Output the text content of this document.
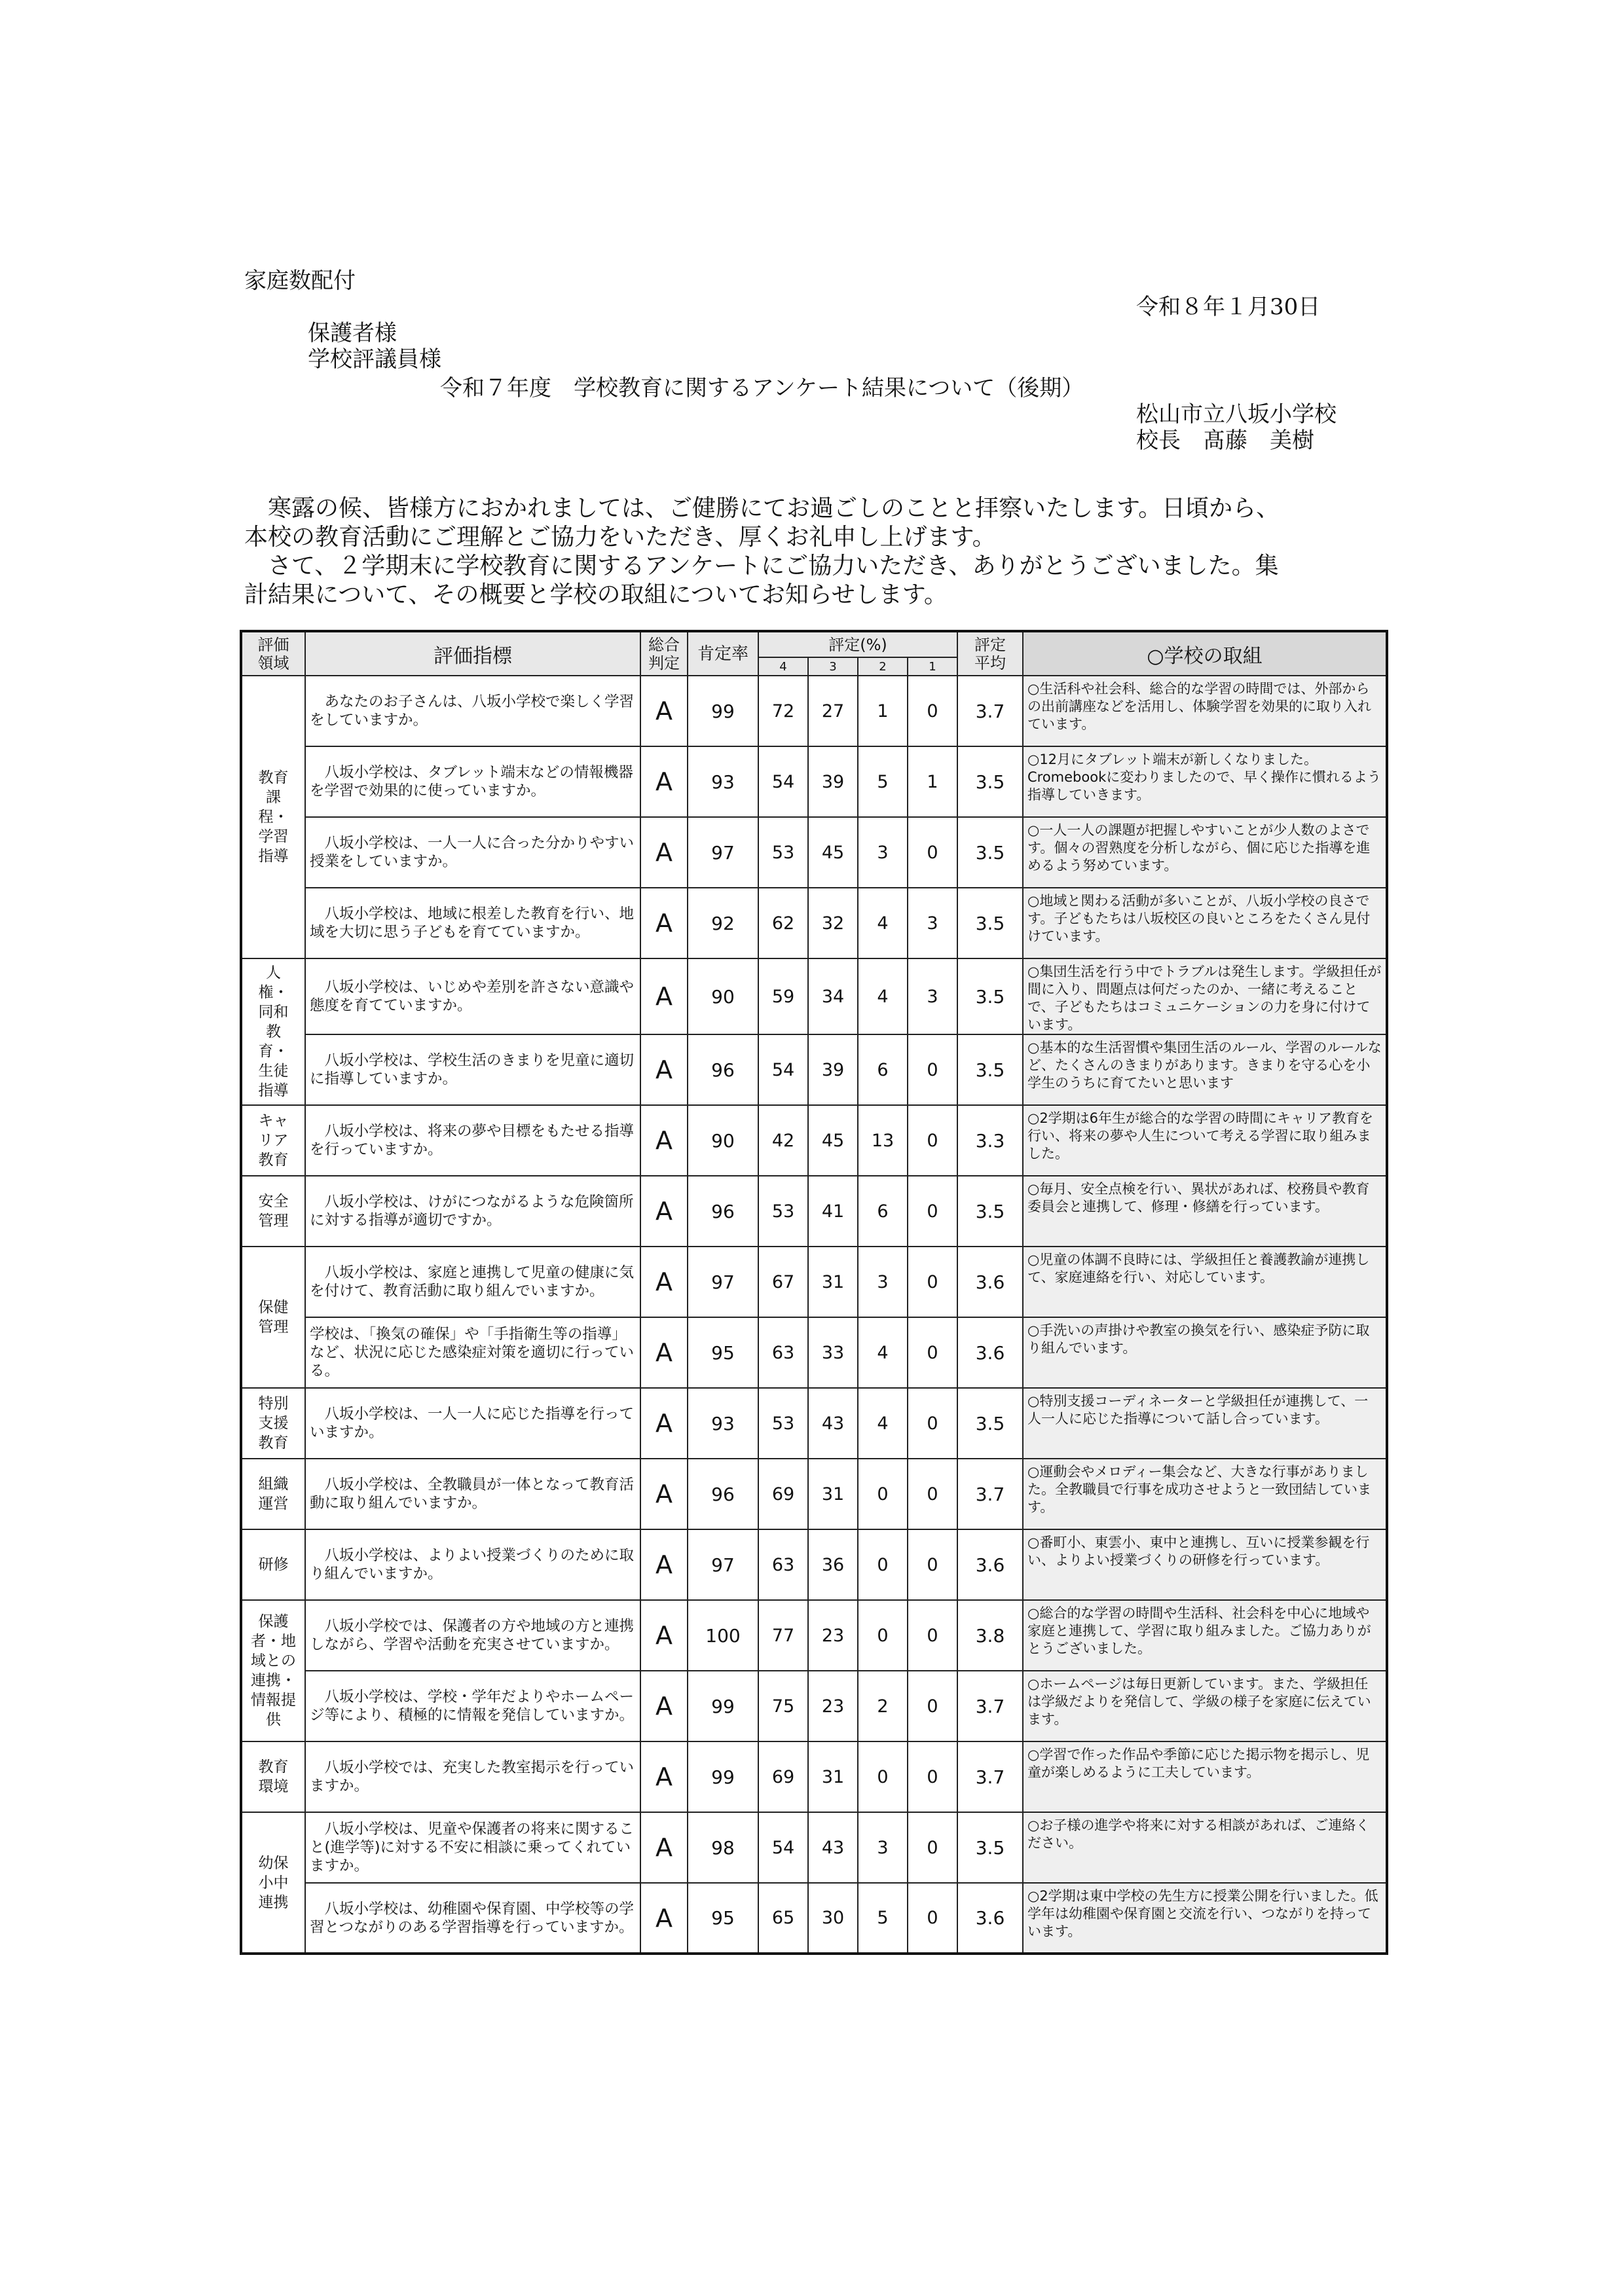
家庭数配付
令和８年１月30日
保護者様
学校評議員様
令和７年度　学校教育に関するアンケート結果について（後期）
松山市立八坂小学校
校長　髙藤　美樹
　寒露の候、皆様方におかれましては、ご健勝にてお過ごしのことと拝察いたします。日頃から、
本校の教育活動にご理解とご協力をいただき、厚くお礼申し上げます。
　さて、２学期末に学校教育に関するアンケートにご協力いただき、ありがとうございました。集
計結果について、その概要と学校の取組についてお知らせします。
評価領域	評価指標	総合判定	肯定率	評定(%)				評定平均	○学校の取組
				4	3	2	1		
教育課程・学習指導	　あなたのお子さんは、八坂小学校で楽しく学習をしていますか。	A	99	72	27	1	0	3.7	○生活科や社会科、総合的な学習の時間では、外部からの出前講座などを活用し、体験学習を効果的に取り入れています。

	　八坂小学校は、タブレット端末などの情報機器を学習で効果的に使っていますか。	A	93	54	39	5	1	3.5	○12月にタブレット端末が新しくなりました。Cromebookに変わりましたので、早く操作に慣れるよう指導していきます。

	　八坂小学校は、一人一人に合った分かりやすい授業をしていますか。	A	97	53	45	3	0	3.5	○一人一人の課題が把握しやすいことが少人数のよさです。個々の習熟度を分析しながら、個に応じた指導を進めるよう努めています。

	　八坂小学校は、地域に根差した教育を行い、地域を大切に思う子どもを育てていますか。	A	92	62	32	4	3	3.5	○地域と関わる活動が多いことが、八坂小学校の良さです。子どもたちは八坂校区の良いところをたくさん見付けています。

人権・同和教育・生徒指導	　八坂小学校は、いじめや差別を許さない意識や態度を育てていますか。	A	90	59	34	4	3	3.5	○集団生活を行う中でトラブルは発生します。学級担任が間に入り、問題点は何だったのか、一緒に考えることで、子どもたちはコミュニケーションの力を身に付けています。

	　八坂小学校は、学校生活のきまりを児童に適切に指導していますか。	A	96	54	39	6	0	3.5	○基本的な生活習慣や集団生活のルール、学習のルールなど、たくさんのきまりがあります。きまりを守る心を小学生のうちに育てたいと思います

キャリア教育	　八坂小学校は、将来の夢や目標をもたせる指導を行っていますか。	A	90	42	45	13	0	3.3	○2学期は6年生が総合的な学習の時間にキャリア教育を行い、将来の夢や人生について考える学習に取り組みました。

安全管理	　八坂小学校は、けがにつながるような危険箇所に対する指導が適切ですか。	A	96	53	41	6	0	3.5	○毎月、安全点検を行い、異状があれば、校務員や教育委員会と連携して、修理・修繕を行っています。

保健管理	　八坂小学校は、家庭と連携して児童の健康に気を付けて、教育活動に取り組んでいますか。	A	97	67	31	3	0	3.6	○児童の体調不良時には、学級担任と養護教諭が連携して、家庭連絡を行い、対応しています。

	学校は、「換気の確保」や「手指衛生等の指導」など、状況に応じた感染症対策を適切に行っている。	A	95	63	33	4	0	3.6	○手洗いの声掛けや教室の換気を行い、感染症予防に取り組んでいます。

特別支援教育	　八坂小学校は、一人一人に応じた指導を行っていますか。	A	93	53	43	4	0	3.5	○特別支援コーディネーターと学級担任が連携して、一人一人に応じた指導について話し合っています。

組織運営	　八坂小学校は、全教職員が一体となって教育活動に取り組んでいますか。	A	96	69	31	0	0	3.7	○運動会やメロディー集会など、大きな行事がありました。全教職員で行事を成功させようと一致団結しています。

研修	　八坂小学校は、よりよい授業づくりのために取り組んでいますか。	A	97	63	36	0	0	3.6	○番町小、東雲小、東中と連携し、互いに授業参観を行い、よりよい授業づくりの研修を行っています。

保護者・地域との連携・情報提供	　八坂小学校では、保護者の方や地域の方と連携しながら、学習や活動を充実させていますか。	A	100	77	23	0	0	3.8	○総合的な学習の時間や生活科、社会科を中心に地域や家庭と連携して、学習に取り組みました。ご協力ありがとうございました。

	　八坂小学校は、学校・学年だよりやホームページ等により、積極的に情報を発信していますか。	A	99	75	23	2	0	3.7	○ホームページは毎日更新しています。また、学級担任は学級だよりを発信して、学級の様子を家庭に伝えています。

教育環境	　八坂小学校では、充実した教室掲示を行っていますか。	A	99	69	31	0	0	3.7	○学習で作った作品や季節に応じた掲示物を掲示し、児童が楽しめるように工夫しています。

幼保小中連携	　八坂小学校は、児童や保護者の将来に関すること(進学等)に対する不安に相談に乗ってくれていますか。	A	98	54	43	3	0	3.5	○お子様の進学や将来に対する相談があれば、ご連絡ください。

	　八坂小学校は、幼稚園や保育園、中学校等の学習とつながりのある学習指導を行っていますか。	A	95	65	30	5	0	3.6	○2学期は東中学校の先生方に授業公開を行いました。低学年は幼稚園や保育園と交流を行い、つながりを持っています。
